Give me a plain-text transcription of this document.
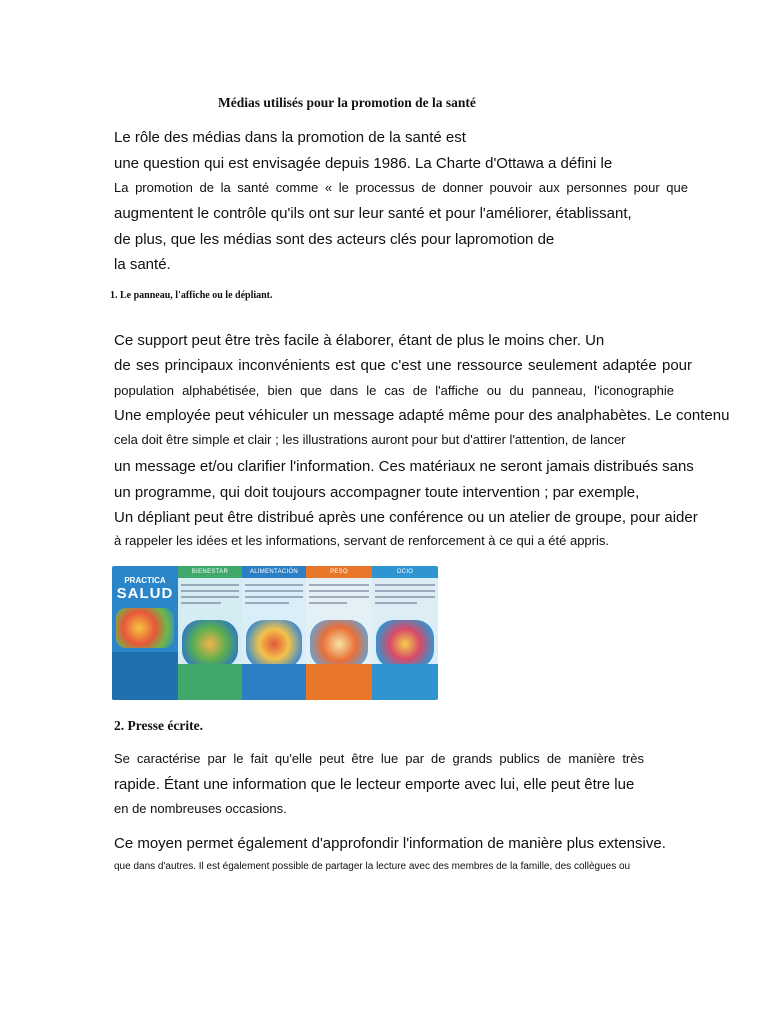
Médias utilisés pour la promotion de la santé
Le rôle des médias dans la promotion de la santé est
une question qui est envisagée depuis 1986. La Charte d'Ottawa a défini le
La promotion de la santé comme « le processus de donner pouvoir aux personnes pour que
augmentent le contrôle qu'ils ont sur leur santé et pour l'améliorer, établissant,
de plus, que les médias sont des acteurs clés pour lapromotion de
la santé.
1. Le panneau, l'affiche ou le dépliant.
Ce support peut être très facile à élaborer, étant de plus le moins cher. Un
de ses principaux inconvénients est que c'est une ressource seulement adaptée pour
population alphabétisée, bien que dans le cas de l'affiche ou du panneau, l'iconographie
Une employée peut véhiculer un message adapté même pour des analphabètes. Le contenu
cela doit être simple et clair ; les illustrations auront pour but d'attirer l'attention, de lancer
un message et/ou clarifier l'information. Ces matériaux ne seront jamais distribués sans
un programme, qui doit toujours accompagner toute intervention ; par exemple,
Un dépliant peut être distribué après une conférence ou un atelier de groupe, pour aider
à rappeler les idées et les informations, servant de renforcement à ce qui a été appris.
PRACTICA
SALUD
BIENESTAR	ALIMENTACIÓN	PESO	OCIO
2. Presse écrite.
Se caractérise par le fait qu'elle peut être lue par de grands publics de manière très
rapide. Étant une information que le lecteur emporte avec lui, elle peut être lue
en de nombreuses occasions.
Ce moyen permet également d'approfondir l'information de manière plus extensive.
que dans d'autres. Il est également possible de partager la lecture avec des membres de la famille, des collègues ou
